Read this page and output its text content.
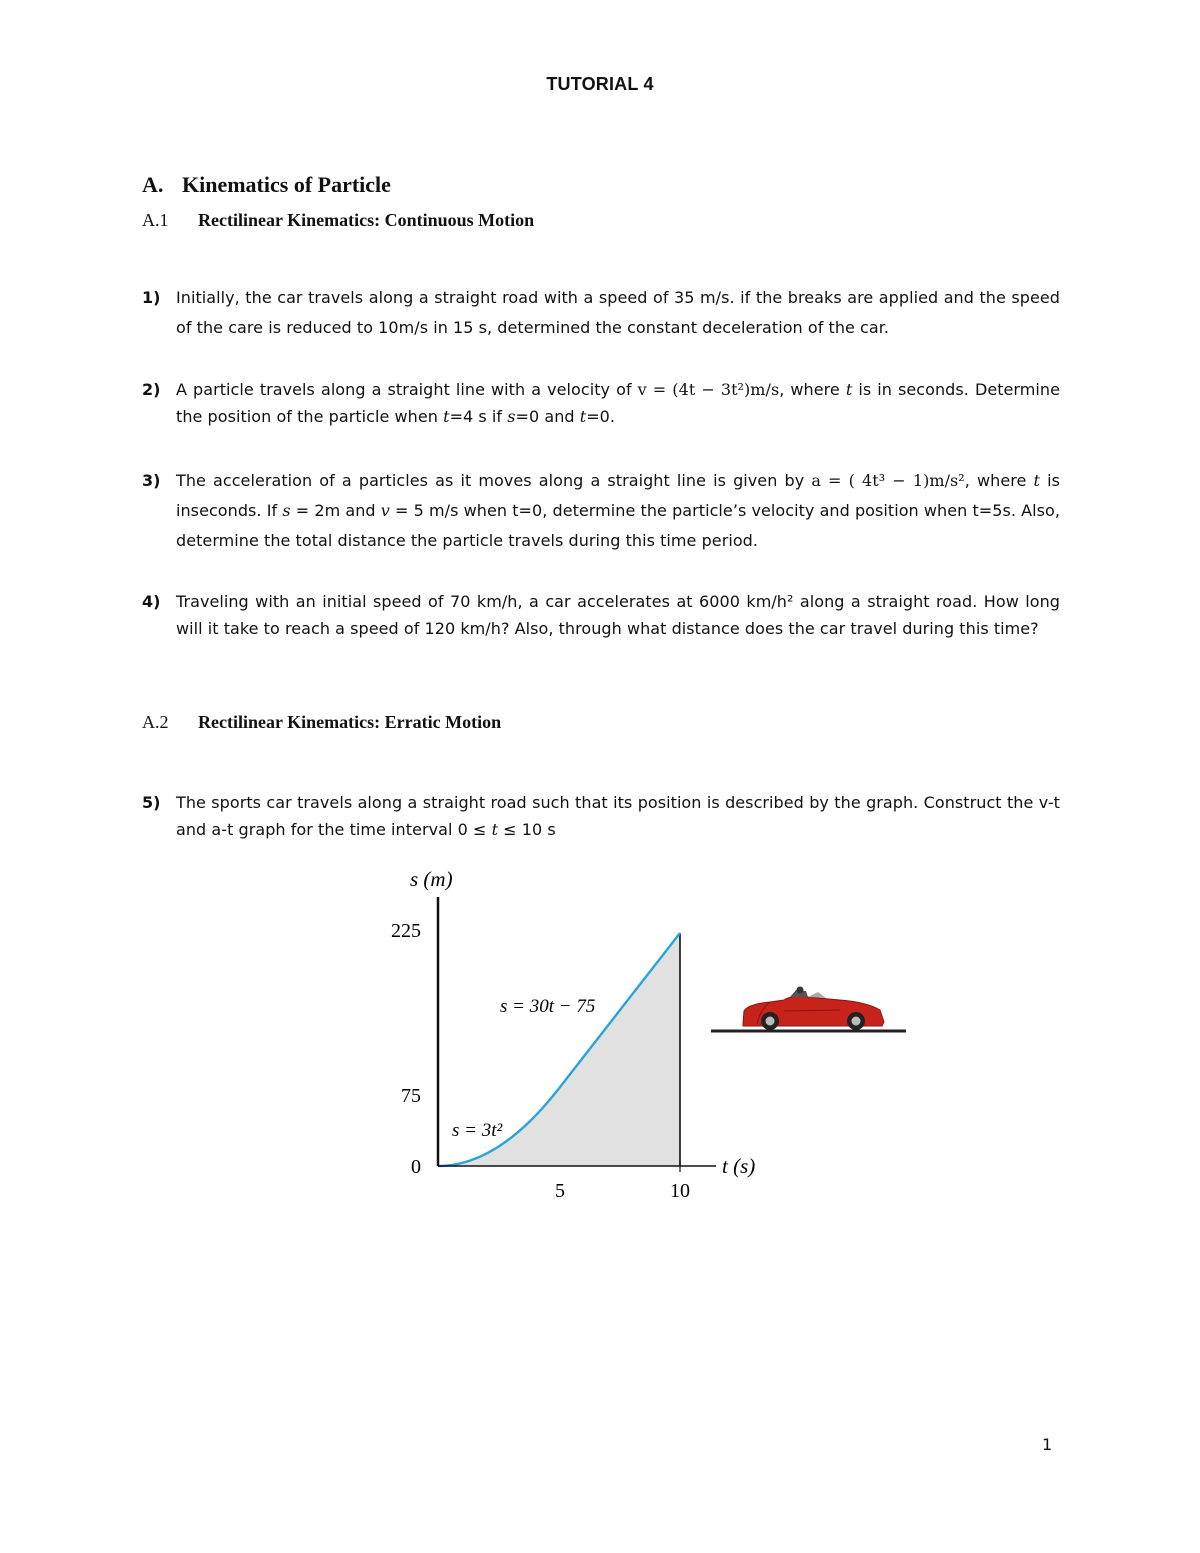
TUTORIAL 4
A. Kinematics of Particle
A.1 Rectilinear Kinematics: Continuous Motion
1) Initially, the car travels along a straight road with a speed of 35 m/s. if the breaks are applied and the speed of the care is reduced to 10m/s in 15 s, determined the constant deceleration of the car.
2) A particle travels along a straight line with a velocity of v = (4t − 3t²)m/s, where t is in seconds. Determine the position of the particle when t=4 s if s=0 and t=0.
3) The acceleration of a particles as it moves along a straight line is given by a = ( 4t³ − 1)m/s², where t is inseconds. If s = 2m and v = 5 m/s when t=0, determine the particle’s velocity and position when t=5s. Also, determine the total distance the particle travels during this time period.
4) Traveling with an initial speed of 70 km/h, a car accelerates at 6000 km/h² along a straight road. How long will it take to reach a speed of 120 km/h? Also, through what distance does the car travel during this time?
A.2 Rectilinear Kinematics: Erratic Motion
5) The sports car travels along a straight road such that its position is described by the graph. Construct the v-t and a-t graph for the time interval 0 ≤ t ≤ 10 s
s (m)
t (s)
225
75
0
5	10
s = 3t²
s = 30t − 75
1
